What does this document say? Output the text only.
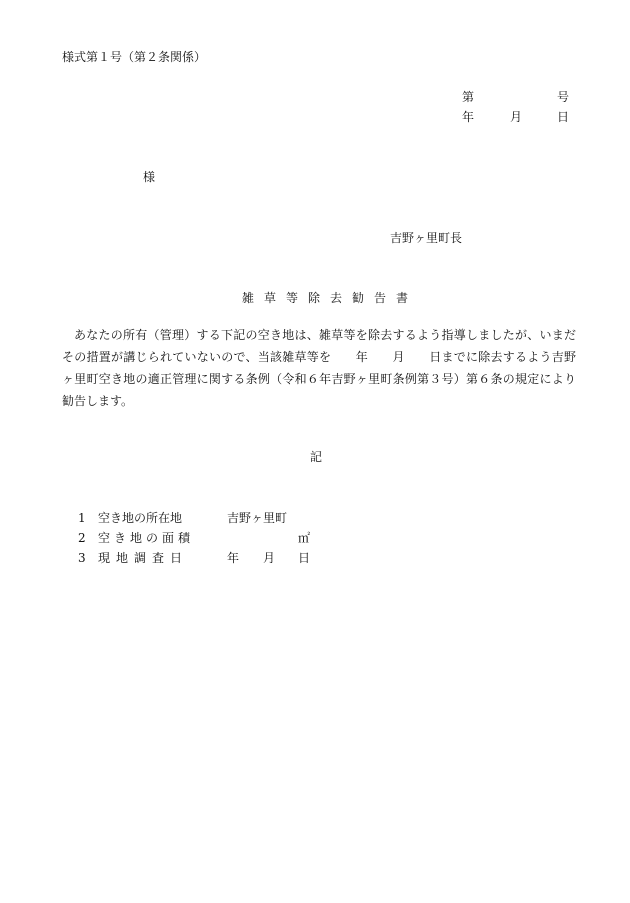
様式第１号（第２条関係）
第	号
年	月	日
様
吉野ヶ里町長
雑草等除去勧告書
あなたの所有（管理）する下記の空き地は、雑草等を除去するよう指導しましたが、いまだその措置が講じられていないので、当該雑草等を　　年　　月　　日までに除去するよう吉野ヶ里町空き地の適正管理に関する条例（令和６年吉野ヶ里町条例第３号）第６条の規定により勧告します。
記
1 空き地の所在地	吉野ヶ里町
2 空き地の面積	㎡
3 現地調査日	年 月 日
